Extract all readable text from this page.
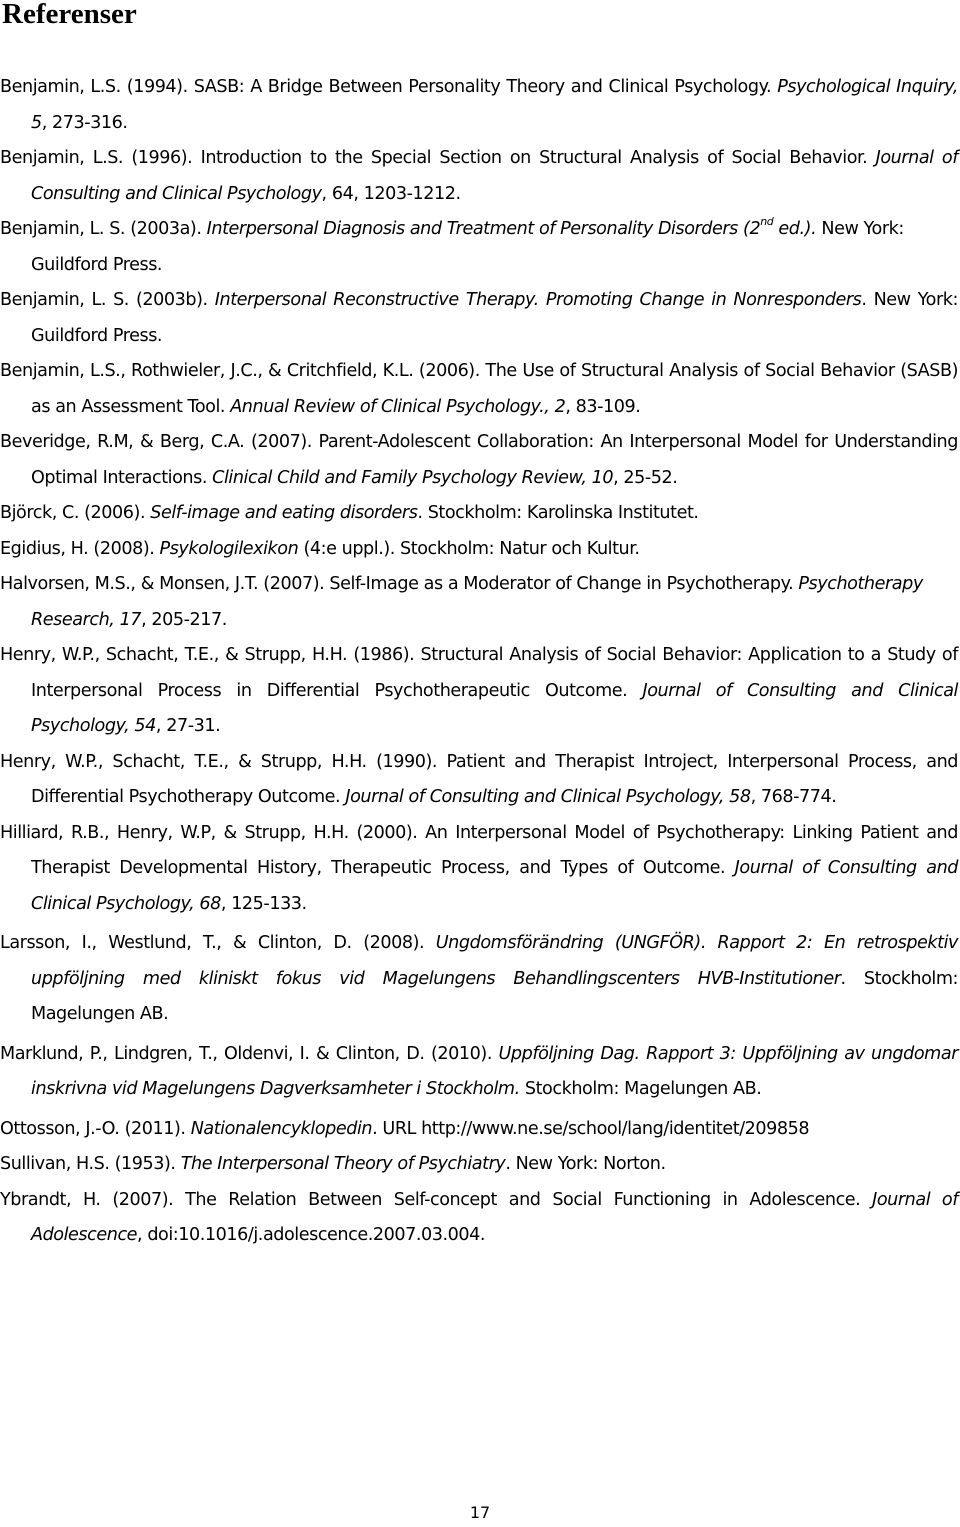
Referenser

Benjamin, L.S. (1994). SASB: A Bridge Between Personality Theory and Clinical Psychology. Psychological Inquiry, 5, 273-316.

Benjamin, L.S. (1996). Introduction to the Special Section on Structural Analysis of Social Behavior. Journal of Consulting and Clinical Psychology, 64, 1203-1212.

Benjamin, L. S. (2003a). Interpersonal Diagnosis and Treatment of Personality Disorders (2nd ed.). New York: Guildford Press.

Benjamin, L. S. (2003b). Interpersonal Reconstructive Therapy. Promoting Change in Nonresponders. New York: Guildford Press.

Benjamin, L.S., Rothwieler, J.C., & Critchfield, K.L. (2006). The Use of Structural Analysis of Social Behavior (SASB) as an Assessment Tool. Annual Review of Clinical Psychology., 2, 83-109.

Beveridge, R.M, & Berg, C.A. (2007). Parent-Adolescent Collaboration: An Interpersonal Model for Understanding Optimal Interactions. Clinical Child and Family Psychology Review, 10, 25-52.

Björck, C. (2006). Self-image and eating disorders. Stockholm: Karolinska Institutet.

Egidius, H. (2008). Psykologilexikon (4:e uppl.). Stockholm: Natur och Kultur.

Halvorsen, M.S., & Monsen, J.T. (2007). Self-Image as a Moderator of Change in Psychotherapy. Psychotherapy Research, 17, 205-217.

Henry, W.P., Schacht, T.E., & Strupp, H.H. (1986). Structural Analysis of Social Behavior: Application to a Study of Interpersonal Process in Differential Psychotherapeutic Outcome. Journal of Consulting and Clinical Psychology, 54, 27-31.

Henry, W.P., Schacht, T.E., & Strupp, H.H. (1990). Patient and Therapist Introject, Interpersonal Process, and Differential Psychotherapy Outcome. Journal of Consulting and Clinical Psychology, 58, 768-774.

Hilliard, R.B., Henry, W.P, & Strupp, H.H. (2000). An Interpersonal Model of Psychotherapy: Linking Patient and Therapist Developmental History, Therapeutic Process, and Types of Outcome. Journal of Consulting and Clinical Psychology, 68, 125-133.

Larsson, I., Westlund, T., & Clinton, D. (2008). Ungdomsförändring (UNGFÖR). Rapport 2: En retrospektiv uppföljning med kliniskt fokus vid Magelungens Behandlingscenters HVB-Institutioner. Stockholm: Magelungen AB.

Marklund, P., Lindgren, T., Oldenvi, I. & Clinton, D. (2010). Uppföljning Dag. Rapport 3: Uppföljning av ungdomar inskrivna vid Magelungens Dagverksamheter i Stockholm. Stockholm: Magelungen AB.

Ottosson, J.-O. (2011). Nationalencyklopedin. URL http://www.ne.se/school/lang/identitet/209858

Sullivan, H.S. (1953). The Interpersonal Theory of Psychiatry. New York: Norton.

Ybrandt, H. (2007). The Relation Between Self-concept and Social Functioning in Adolescence. Journal of Adolescence, doi:10.1016/j.adolescence.2007.03.004.

17
